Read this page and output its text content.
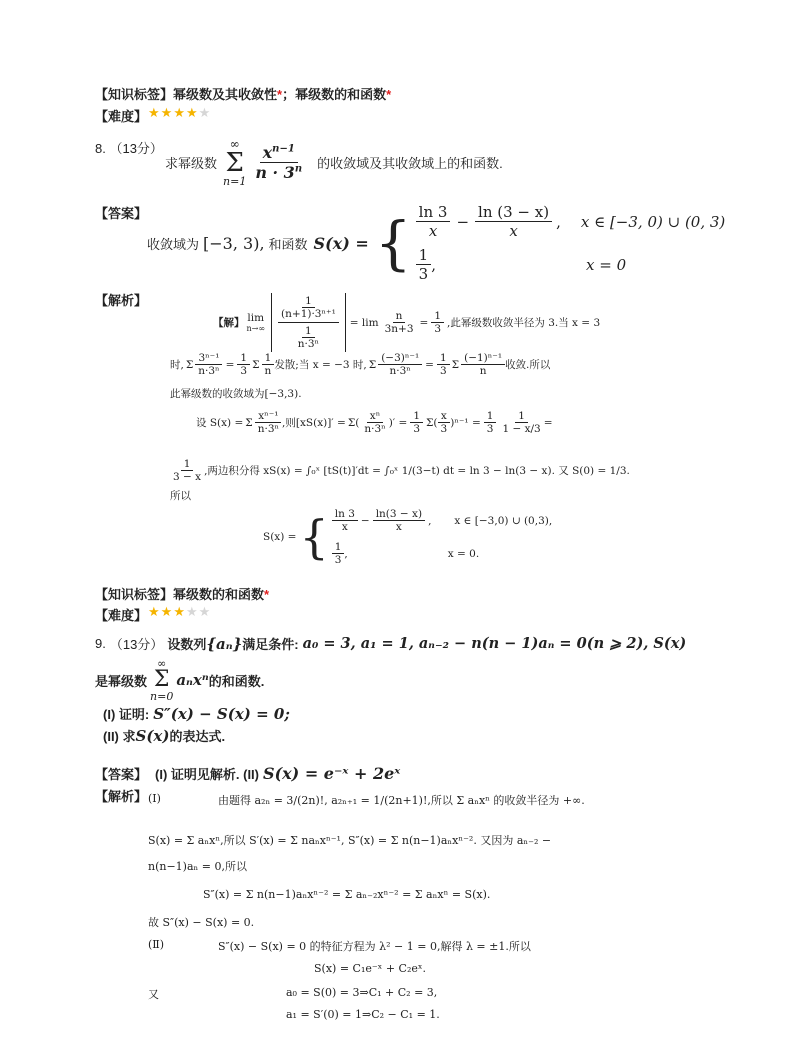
【知识标签】幂级数及其收敛性*；幂级数的和函数*
【难度】 ★★★★★
8. （13分）
求幂级数
∞
Σ
$n=1 \frac{x^{n-1}}{n \cdot 3^n}$ 的收敛域及其收敛域上的和函数.
【答案】
收敛域为 [−3, 3), 和函数 S(x) = { $\frac{\ln 3}{x} - \frac{\ln (3 - x)}{x}$ , x ∈ [−3, 0) ∪ (0, 3)
$\frac{1}{3}$ ,	x = 0
【解析】
【解】 lim
n→∞
$\frac{1}{\text{(n+1)·3ⁿ⁺¹}}$
$\frac{1}{\text{n·3ⁿ}}$
= $\lim \frac{n}{3n+3} = \frac{1}{3}$ ,此幂级数收敛半径为 3.当 x = 3
时, Σ $\frac{\text{3ⁿ⁻¹}}{\text{n·3ⁿ}} = \frac{1}{3}$ Σ $\frac{1}{n}$ 发散;当 x = −3 时, Σ $\frac{\text{(−3)ⁿ⁻¹}}{\text{n·3ⁿ}} = \frac{1}{3}$ Σ $\frac{\text{(−1)ⁿ⁻¹}}{n}$ 收敛.所以
此幂级数的收敛域为[−3,3).
设 S(x) = Σ $\frac{\text{xⁿ⁻¹}}{\text{n·3ⁿ}}$ ,则$[xS(x)]' = \Sigma( \frac{\text{xⁿ}}{\text{n·3ⁿ}}$ )′ = $\frac{1}{3} \Sigma( \frac{x}{3} )^{n-1} = \frac{1}{3} \frac{1}{1 - x/3}$ =
$\frac{1}{3 - x}$ ,两边积分得 xS(x) = ∫₀ˣ [tS(t)]′dt = ∫₀ˣ 1/(3−t) dt = ln 3 − ln(3 − x). 又 S(0) = 1/3.
所以
S(x) = { $\frac{\ln 3}{x} - \frac{\ln(3 - x)}{x}$ , x ∈ [−3,0) ∪ (0,3),
$\frac{1}{3}$ ,	x = 0.
【知识标签】幂级数的和函数*
【难度】 ★★★★★
9. （13分） 设数列 {aₙ} 满足条件: a₀ = 3, a₁ = 1, aₙ₋₂ − n(n − 1)aₙ = 0(n ⩾ 2), S(x)
是幂级数
∞
Σ
n=0
aₙxⁿ 的和函数.
(I) 证明: S″(x) − S(x) = 0;
(II) 求 S(x) 的表达式.
【答案】 (I) 证明见解析. (II) S(x) = e⁻ˣ + 2eˣ
【解析】 (Ⅰ)	由题得 a₂ₙ = 3/(2n)!, a₂ₙ₊₁ = 1/(2n+1)!,所以 Σ aₙxⁿ 的收敛半径为 +∞.
S(x) = Σ aₙxⁿ,所以 S′(x) = Σ naₙxⁿ⁻¹, S″(x) = Σ n(n−1)aₙxⁿ⁻². 又因为 aₙ₋₂ −
n(n−1)aₙ = 0,所以
S″(x) = Σ n(n−1)aₙxⁿ⁻² = Σ aₙ₋₂xⁿ⁻² = Σ aₙxⁿ = S(x).
故 S″(x) − S(x) = 0.
(Ⅱ)	S″(x) − S(x) = 0 的特征方程为 λ² − 1 = 0,解得 λ = ±1.所以
S(x) = C₁e⁻ˣ + C₂eˣ.
又	a₀ = S(0) = 3⇒C₁ + C₂ = 3,
a₁ = S′(0) = 1⇒C₂ − C₁ = 1.
